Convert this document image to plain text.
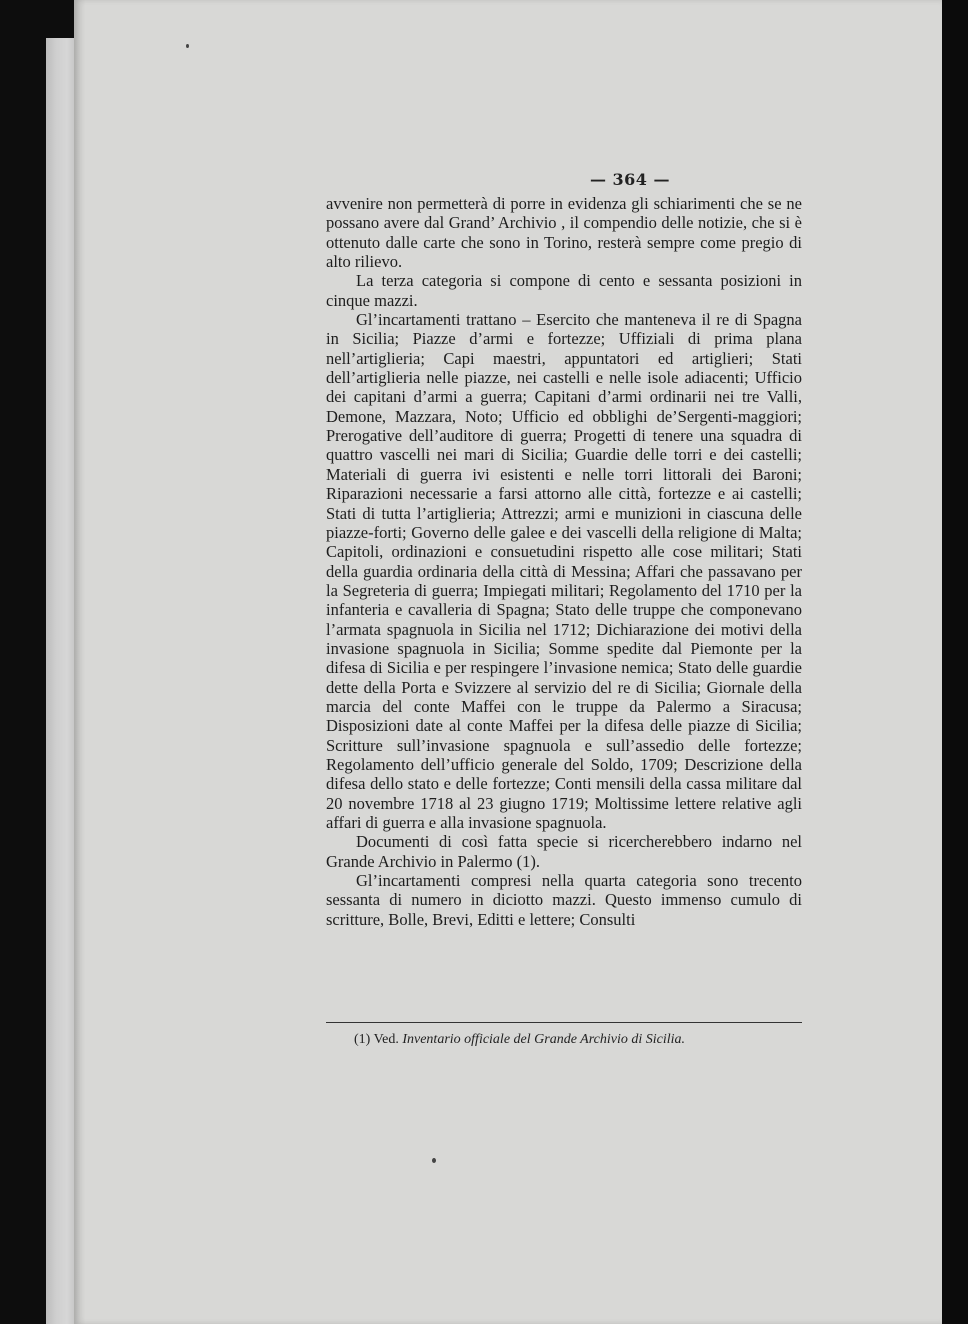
— 364 —

avvenire non permetterà di porre in evidenza gli schiarimenti che se ne possano avere dal Grand’ Archivio , il compendio delle notizie, che si è ottenuto dalle carte che sono in Torino, resterà sempre come pregio di alto rilievo.

La terza categoria si compone di cento e sessanta posizioni in cinque mazzi.

Gl’incartamenti trattano – Esercito che manteneva il re di Spagna in Sicilia; Piazze d’armi e fortezze; Uffiziali di prima plana nell’artiglieria; Capi maestri, appuntatori ed artiglieri; Stati dell’artiglieria nelle piazze, nei castelli e nelle isole adiacenti; Ufficio dei capitani d’armi a guerra; Capitani d’armi ordinarii nei tre Valli, Demone, Mazzara, Noto; Ufficio ed obblighi de’Sergenti-maggiori; Prerogative dell’auditore di guerra; Progetti di tenere una squadra di quattro vascelli nei mari di Sicilia; Guardie delle torri e dei castelli; Materiali di guerra ivi esistenti e nelle torri littorali dei Baroni; Riparazioni necessarie a farsi attorno alle città, fortezze e ai castelli; Stati di tutta l’artiglieria; Attrezzi; armi e munizioni in ciascuna delle piazze-forti; Governo delle galee e dei vascelli della religione di Malta; Capitoli, ordinazioni e consuetudini rispetto alle cose militari; Stati della guardia ordinaria della città di Messina; Affari che passavano per la Segreteria di guerra; Impiegati militari; Regolamento del 1710 per la infanteria e cavalleria di Spagna; Stato delle truppe che componevano l’armata spagnuola in Sicilia nel 1712; Dichiarazione dei motivi della invasione spagnuola in Sicilia; Somme spedite dal Piemonte per la difesa di Sicilia e per respingere l’invasione nemica; Stato delle guardie dette della Porta e Svizzere al servizio del re di Sicilia; Giornale della marcia del conte Maffei con le truppe da Palermo a Siracusa; Disposizioni date al conte Maffei per la difesa delle piazze di Sicilia; Scritture sull’invasione spagnuola e sull’assedio delle fortezze; Regolamento dell’ufficio generale del Soldo, 1709; Descrizione della difesa dello stato e delle fortezze; Conti mensili della cassa militare dal 20 novembre 1718 al 23 giugno 1719; Moltissime lettere relative agli affari di guerra e alla invasione spagnuola.

Documenti di così fatta specie si ricercherebbero indarno nel Grande Archivio in Palermo (1).

Gl’incartamenti compresi nella quarta categoria sono trecento sessanta di numero in diciotto mazzi. Questo immenso cumulo di scritture, Bolle, Brevi, Editti e lettere; Consulti

(1) Ved. Inventario officiale del Grande Archivio di Sicilia.
